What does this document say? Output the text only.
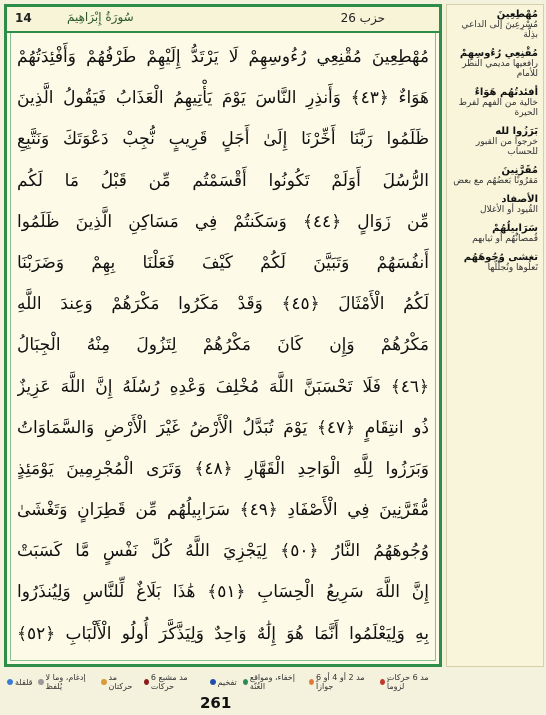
14	سُورَةُ إِبْرَاهِيمَ	حزب 26
مُهْطِعِينَ مُقْنِعِي رُءُوسِهِمْ لَا يَرْتَدُّ إِلَيْهِمْ طَرْفُهُمْ وَأَفْئِدَتُهُمْ
هَوَاءٌ ﴿٤٣﴾ وَأَنذِرِ النَّاسَ يَوْمَ يَأْتِيهِمُ الْعَذَابُ فَيَقُولُ الَّذِينَ
ظَلَمُوا رَبَّنَا أَخِّرْنَا إِلَىٰ أَجَلٍ قَرِيبٍ نُّجِبْ دَعْوَتَكَ وَنَتَّبِعِ
الرُّسُلَ أَوَلَمْ تَكُونُوا أَقْسَمْتُم مِّن قَبْلُ مَا لَكُم
مِّن زَوَالٍ ﴿٤٤﴾ وَسَكَنتُمْ فِي مَسَاكِنِ الَّذِينَ ظَلَمُوا
أَنفُسَهُمْ وَتَبَيَّنَ لَكُمْ كَيْفَ فَعَلْنَا بِهِمْ وَضَرَبْنَا
لَكُمُ الْأَمْثَالَ ﴿٤٥﴾ وَقَدْ مَكَرُوا مَكْرَهُمْ وَعِندَ اللَّهِ
مَكْرُهُمْ وَإِن كَانَ مَكْرُهُمْ لِتَزُولَ مِنْهُ الْجِبَالُ
﴿٤٦﴾ فَلَا تَحْسَبَنَّ اللَّهَ مُخْلِفَ وَعْدِهِ رُسُلَهُ إِنَّ اللَّهَ عَزِيزٌ
ذُو انتِقَامٍ ﴿٤٧﴾ يَوْمَ تُبَدَّلُ الْأَرْضُ غَيْرَ الْأَرْضِ وَالسَّمَاوَاتُ
وَبَرَزُوا لِلَّهِ الْوَاحِدِ الْقَهَّارِ ﴿٤٨﴾ وَتَرَى الْمُجْرِمِينَ يَوْمَئِذٍ
مُّقَرَّنِينَ فِي الْأَصْفَادِ ﴿٤٩﴾ سَرَابِيلُهُم مِّن قَطِرَانٍ وَتَغْشَىٰ
وُجُوهَهُمُ النَّارُ ﴿٥٠﴾ لِيَجْزِيَ اللَّهُ كُلَّ نَفْسٍ مَّا كَسَبَتْ
إِنَّ اللَّهَ سَرِيعُ الْحِسَابِ ﴿٥١﴾ هَٰذَا بَلَاغٌ لِّلنَّاسِ وَلِيُنذَرُوا
بِهِ وَلِيَعْلَمُوا أَنَّمَا هُوَ إِلَٰهٌ وَاحِدٌ وَلِيَذَّكَّرَ أُولُو الْأَلْبَابِ ﴿٥٢﴾
مد 6 حركات لزوماً
مد 2 أو 4 أو 6 جوازاً
إخفاء، ومواقع الغُنّة
تفخيم
مد مشبع 6 حركات
مد حركتان
إدغام، وما لا يُلفظ
قلقلة
261
مُهْطِعِينَ
مُسْرِعِينَ إلى الداعي بذِلّة
مُقْنِعِي رُءُوسِهِمْ
رافعيها مديمي النظر للأمام
أفئدتُهُم هَوَاءٌ
خالية من الفهم لفرط الحيرة
بَرَزُوا لله
خرجوا من القبور للحساب
مُقَرَّنِينَ
مَقرُونًا بَعضُهُم مع بعض
الأصفاد
القُيود أو الأغلال
سَرَابِيلُهُمْ
قُمصانُهُم أو ثيابهم
تغشى وُجُوهَهُم
تَعلُوها وتُجلِّلُها
